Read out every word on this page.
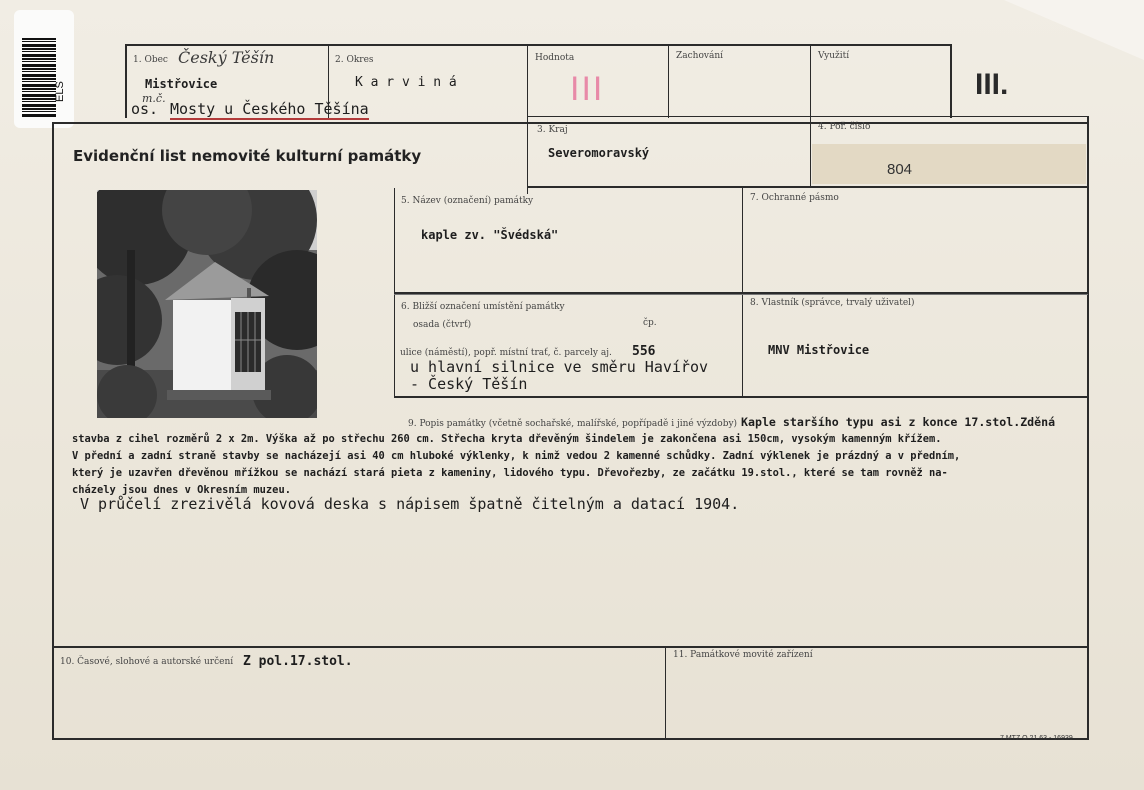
ELS
1. Obec Český Těšín
Mistřovice
m.č.
os. Mosty u Českého Těšína
2. Okres
K a r v i n á
Hodnota
III
Zachování	Využití
III.
Evidenční list nemovité kulturní památky
3. Kraj
Severomoravský
4. Poř. číslo
804
5. Název (označení) památky
kaple zv. "Švédská"
7. Ochranné pásmo
6. Bližší označení umístění památky
osada (čtvrť)	čp.
ulice (náměstí), popř. místní trať, č. parcely aj. 556
u hlavní silnice ve směru Havířov
- Český Těšín
8. Vlastník (správce, trvalý uživatel)
MNV Mistřovice
9. Popis památky (včetně sochařské, malířské, popřípadě i jiné výzdoby) Kaple staršího typu asi z konce 17.stol.Zděná
stavba z cihel rozměrů 2 x 2m. Výška až po střechu 260 cm. Střecha kryta dřevěným šindelem je zakončena asi 150cm, vysokým kamenným křížem.
V přední a zadní straně stavby se nacházejí asi 40 cm hluboké výklenky, k nimž vedou 2 kamenné schůdky. Zadní výklenek je prázdný a v předním,
který je uzavřen dřevěnou mřížkou se nachází stará pieta z kameniny, lidového typu. Dřevořezby, ze začátku 19.stol., které se tam rovněž na-
cházely jsou dnes v Okresním muzeu.
V průčelí zrezivělá kovová deska s nápisem špatně čitelným a datací 1904.
10. Časové, slohové a autorské určení Z pol.17.stol.	11. Památkové movité zařízení
7 MTZ O 21 63 - 16939
